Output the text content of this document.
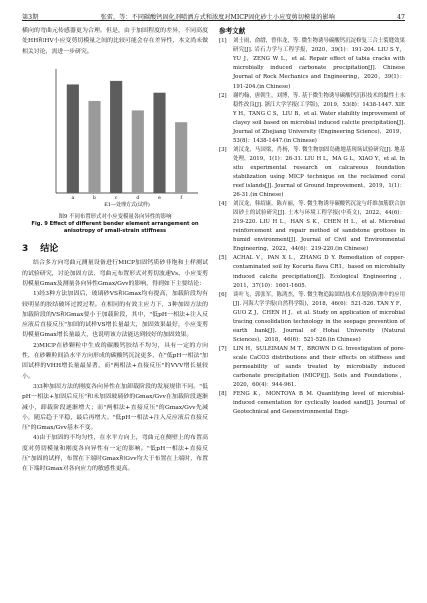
第3期	张雷，等：不同碳酸钙固化剂喷洒方式和浓度对MICP固化砂土小应变剪切模量的影响	47

横向的弯曲元传感器更为合理。但是，由于加固程度的差异，不同高度处HH和HV小应变剪切模量之间的比较可能会存在差异性，本文尚未做相关讨论，需进一步研究。

a	b	c	d	e	f
E1—处理方式(试样)
图9 不同布置形式对小应变模量各向异性的影响
Fig. 9 Effect of different bender element arrangement on anisotropy of small-strain stiffness
3 结论

结合多方向弯曲元测量设备进行MICP加固钙质砂非饱和土样测试的试验研究，讨论加固方法、弯曲元布置形式对剪切波速Vs、小应变剪切模量Gmax及测量各向异性Gmax/Gvv的影响，得到如下主要结论：

1)经3种方法加固后，玻璃砂VS和Gmax均有提高，加载阶段均有较明显的胶结破坏过渡过程。在相同的有效主应力下，3种加固方法的加载阶段的VS和Gmax要小于加载阶段，其中，"低pH一相法+注入反应液后直接反压"加固的试样VS增长量最大，加固效果最好，小应变剪切模量Gmax增长量最大，也说明该方法能达到较好的加固效果。

2)MICP在砂颗粒中生成的碳酸钙胶结不均匀，具有一定的方向性，在砂颗粒间沿水平方向形成的碳酸钙沉淀更多，在"低pH一相法"加固试样的VHH增长量最显著，而"两相法+直接反压"的VVV增长量较小。

3)3种加固方法的刚度各向异性在加卸载阶段的发展规律不同。"低pH一相法+加固后反压"和未加固玻璃砂的Gmax/Gvv在加载阶段逐渐减小，卸载阶段逐渐增大；而"两相法+直接反压"的Gmax/Gvv先减小，随后趋于平稳，最后再增大。"低pH一相法+注入反应液后直接反压"的Gmax/Gvv基本不变。

4)由于加固的不均匀性，在水平方向上，弯曲元在侧壁上的布置高度对剪切模量和刚度各向异性有一定的影响。"低pH一相法+直接反压"加固的试样，布置在下端时Gmax和Gvv均大于布置在上端时，布置在下端时Gmax对各向应力的敏感性更高。

参考文献
[1]	刘士雨，俞缙，曾伟龙，等. 微生物诱导碳酸钙沉淀修复三合土裂缝效果研究[J]. 岩石力学与工程学报，2020，39(1)：191-204. LIU S Y，YU J，ZENG W L，et al. Repair effect of tabia cracks with microbially induced carbonate precipitation[J]. Chinese Journal of Rock Mechanics and Engineering，2020，39(1)：191-204.(in Chinese)
[2]	谢约翰，唐朝生，刘博，等. 基于微生物诱导碳酸钙沉积技术的黏性土水稳性改良[J]. 浙江大学学报(工学版)，2019，53(8)：1438-1447. XIE Y H，TANG C S，LIU B，et al. Water stability improvement of clayey soil based on microbial induced calcite precipitation[J]. Journal of Zhejiang University (Engineering Science)，2019，53(8)：1438-1447.(in Chinese)
[3]	刘汉龙，马国梁，肖杨，等. 微生物加固岛礁地基现场试验研究[J]. 地基处理，2019，1(1)：26-31. LIU H L，MA G L，XIAO Y，et al. In situ experimental research on calcareous foundation stabilization using MICP technique on the reclaimed coral reef islands[J]. Journal of Ground Improvement，2019，1(1)：26-31.(in Chinese)
[4]	刘汉龙，韩绍康，陈卉丽，等. 微生物诱导碳酸钙沉淀与纤维加筋联合加固砂土的试验研究[J]. 土木与环境工程学报(中英文)，2022，44(6)：219-220. LIU H L，HAN S K，CHEN H L，et al. Microbial reinforcement and repair method of sandstone grottoes in humid environment[J]. Journal of Civil and Environmental Engineering，2022，44(6)：219-220.(in Chinese)
[5]	ACHAL V，PAN X L，ZHANG D Y. Remediation of copper-contaminated soil by Kocuria flava CR1，based on microbially induced calcite precipitation[J]. Ecological Engineering，2011，37(10)：1601-1605.
[6]	谈叶飞，郭张军，陈鸿杰，等. 微生物追踪固结技术在堤防防渗中的应用[J]. 河海大学学报(自然科学版)，2018，46(6)：521-526. TAN Y F，GUO Z J，CHEN H J，et al. Study on application of microbial tracing consolidation technology in the seepage prevention of earth bank[J]. Journal of Hohai University (Natural Sciences)，2018，46(6)：521-526.(in Chinese)
[7]	LIN H，SULEIMAN M T，BROWN D G. Investigation of pore-scale CaCO3 distributions and their effects on stiffness and permeability of sands treated by microbially induced carbonate precipitation (MICP)[J]. Soils and Foundations，2020，60(4)：944-961.
[8]	FENG K，MONTOYA B M. Quantifying level of microbial-induced cementation for cyclically loaded sand[J]. Journal of Geotechnical and Geoenvironmental Engi-
